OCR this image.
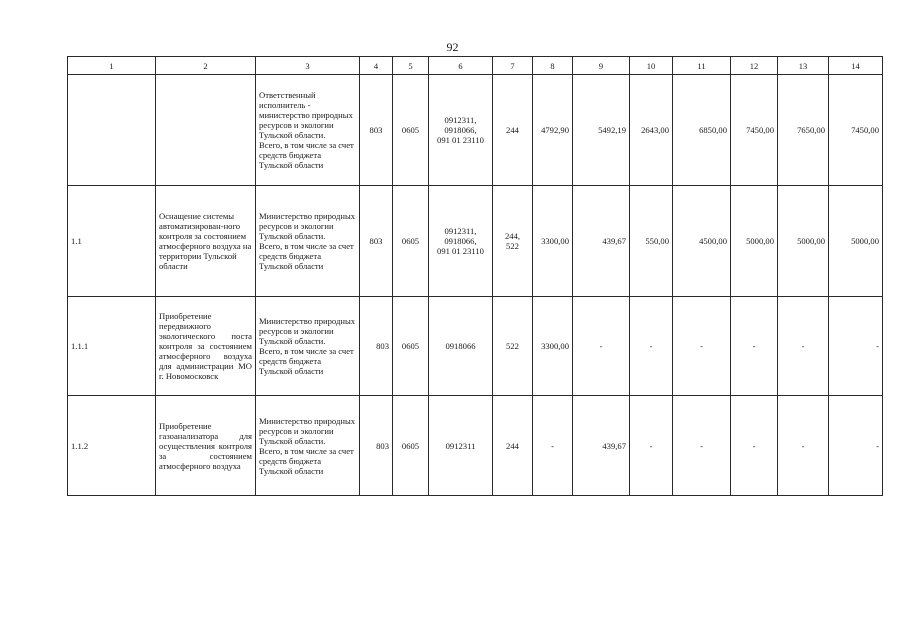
92
1	2	3	4	5	6	7	8	9	10	11	12	13	14
		Ответственный исполнитель - министерство природных ресурсов и экологии Тульской области.
Всего, в том числе за счет средств бюджета Тульской области	803	0605	0912311,
0918066,
091 01 23110	244	4792,90	5492,19	2643,00	6850,00	7450,00	7650,00	7450,00
1.1	Оснащение системы автоматизирован-ного контроля за состоянием атмосферного воздуха на территории Тульской области	Министерство природных ресурсов и экологии Тульской области.
Всего, в том числе за счет средств бюджета Тульской области	803	0605	0912311,
0918066,
091 01 23110	244,
522	3300,00	439,67	550,00	4500,00	5000,00	5000,00	5000,00
1.1.1	Приобретение передвижного экологического поста контроля за состоянием атмосферного воздуха для администрации МО г. Новомосковск	Министерство природных ресурсов и экологии Тульской области.
Всего, в том числе за счет средств бюджета Тульской области	803	0605	0918066	522	3300,00	-	-	-	-	-	-
1.1.2	Приобретение газоанализатора для осуществления контроля за состоянием атмосферного воздуха	Министерство природных ресурсов и экологии Тульской области.
Всего, в том числе за счет средств бюджета Тульской области	803	0605	0912311	244	-	439,67	-	-	-	-	-
